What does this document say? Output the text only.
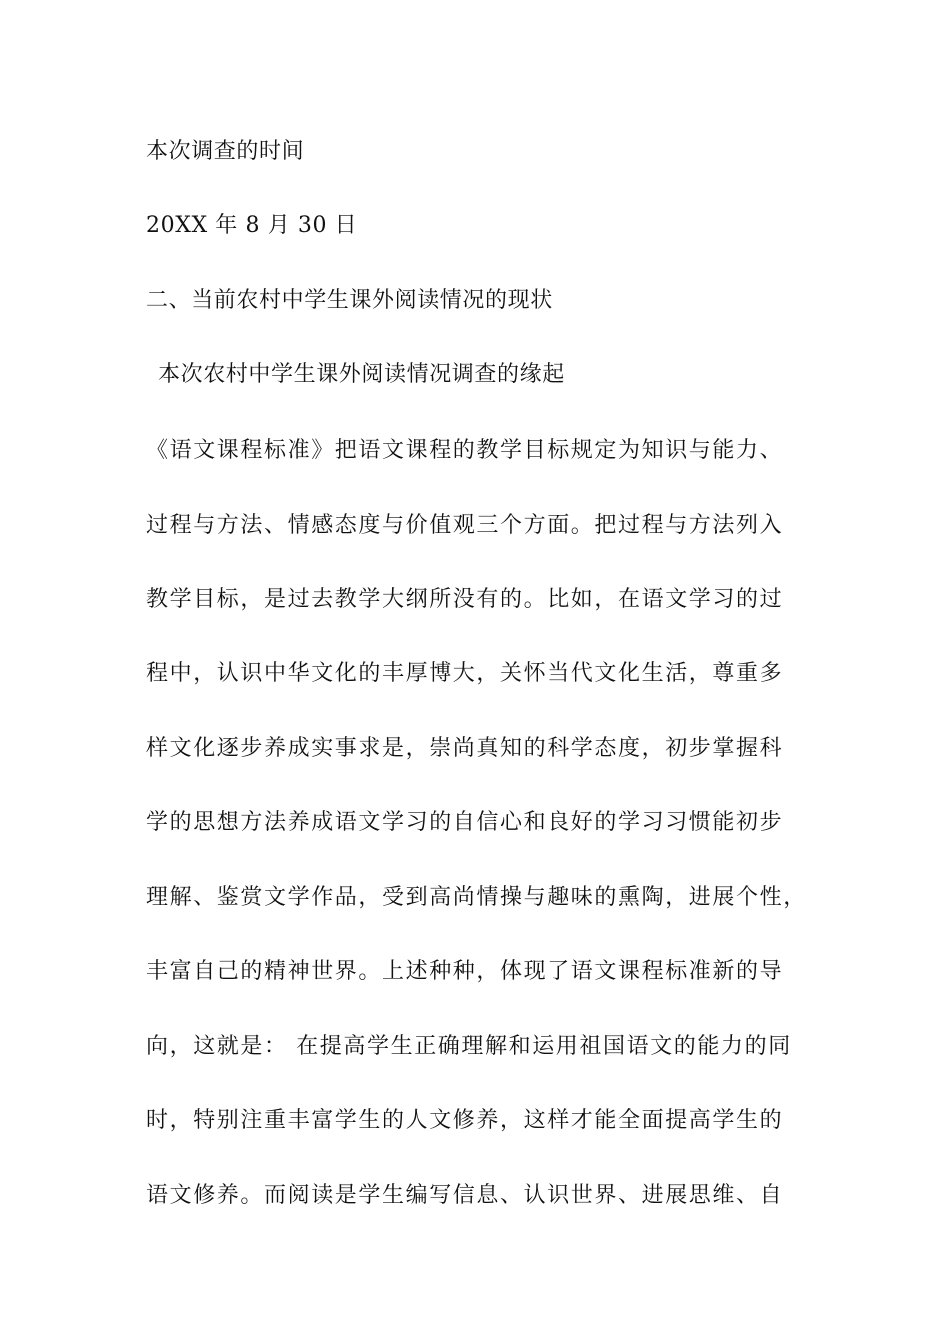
本次调查的时间
20XX 年 8 月 30 日
二、当前农村中学生课外阅读情况的现状
本次农村中学生课外阅读情况调查的缘起
《语文课程标准》把语文课程的教学目标规定为知识与能力、
过程与方法、情感态度与价值观三个方面。把过程与方法列入
教学目标，是过去教学大纲所没有的。比如，在语文学习的过
程中，认识中华文化的丰厚博大，关怀当代文化生活，尊重多
样文化逐步养成实事求是，崇尚真知的科学态度，初步掌握科
学的思想方法养成语文学习的自信心和良好的学习习惯能初步
理解、鉴赏文学作品，受到高尚情操与趣味的熏陶，进展个性，
丰富自己的精神世界。上述种种，体现了语文课程标准新的导
向，这就是： 在提高学生正确理解和运用祖国语文的能力的同
时，特别注重丰富学生的人文修养，这样才能全面提高学生的
语文修养。而阅读是学生编写信息、认识世界、进展思维、自
